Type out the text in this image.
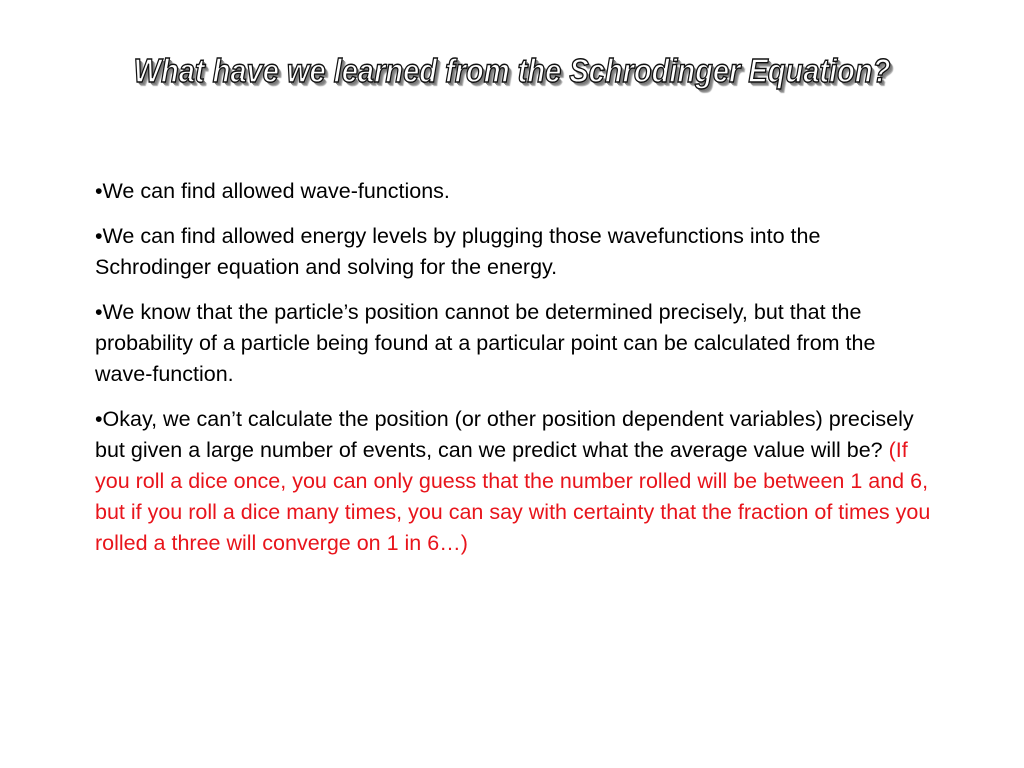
What have we learned from the Schrodinger Equation?

•We can find allowed wave-functions.

•We can find allowed energy levels by plugging those wavefunctions into the Schrodinger equation and solving for the energy.

•We know that the particle’s position cannot be determined precisely, but that the probability of a particle being found at a particular point can be calculated from the wave-function.

•Okay, we can’t calculate the position (or other position dependent variables) precisely but given a large number of events, can we predict what the average value will be? (If you roll a dice once, you can only guess that the number rolled will be between 1 and 6, but if you roll a dice many times, you can say with certainty that the fraction of times you rolled a three will converge on 1 in 6…)
